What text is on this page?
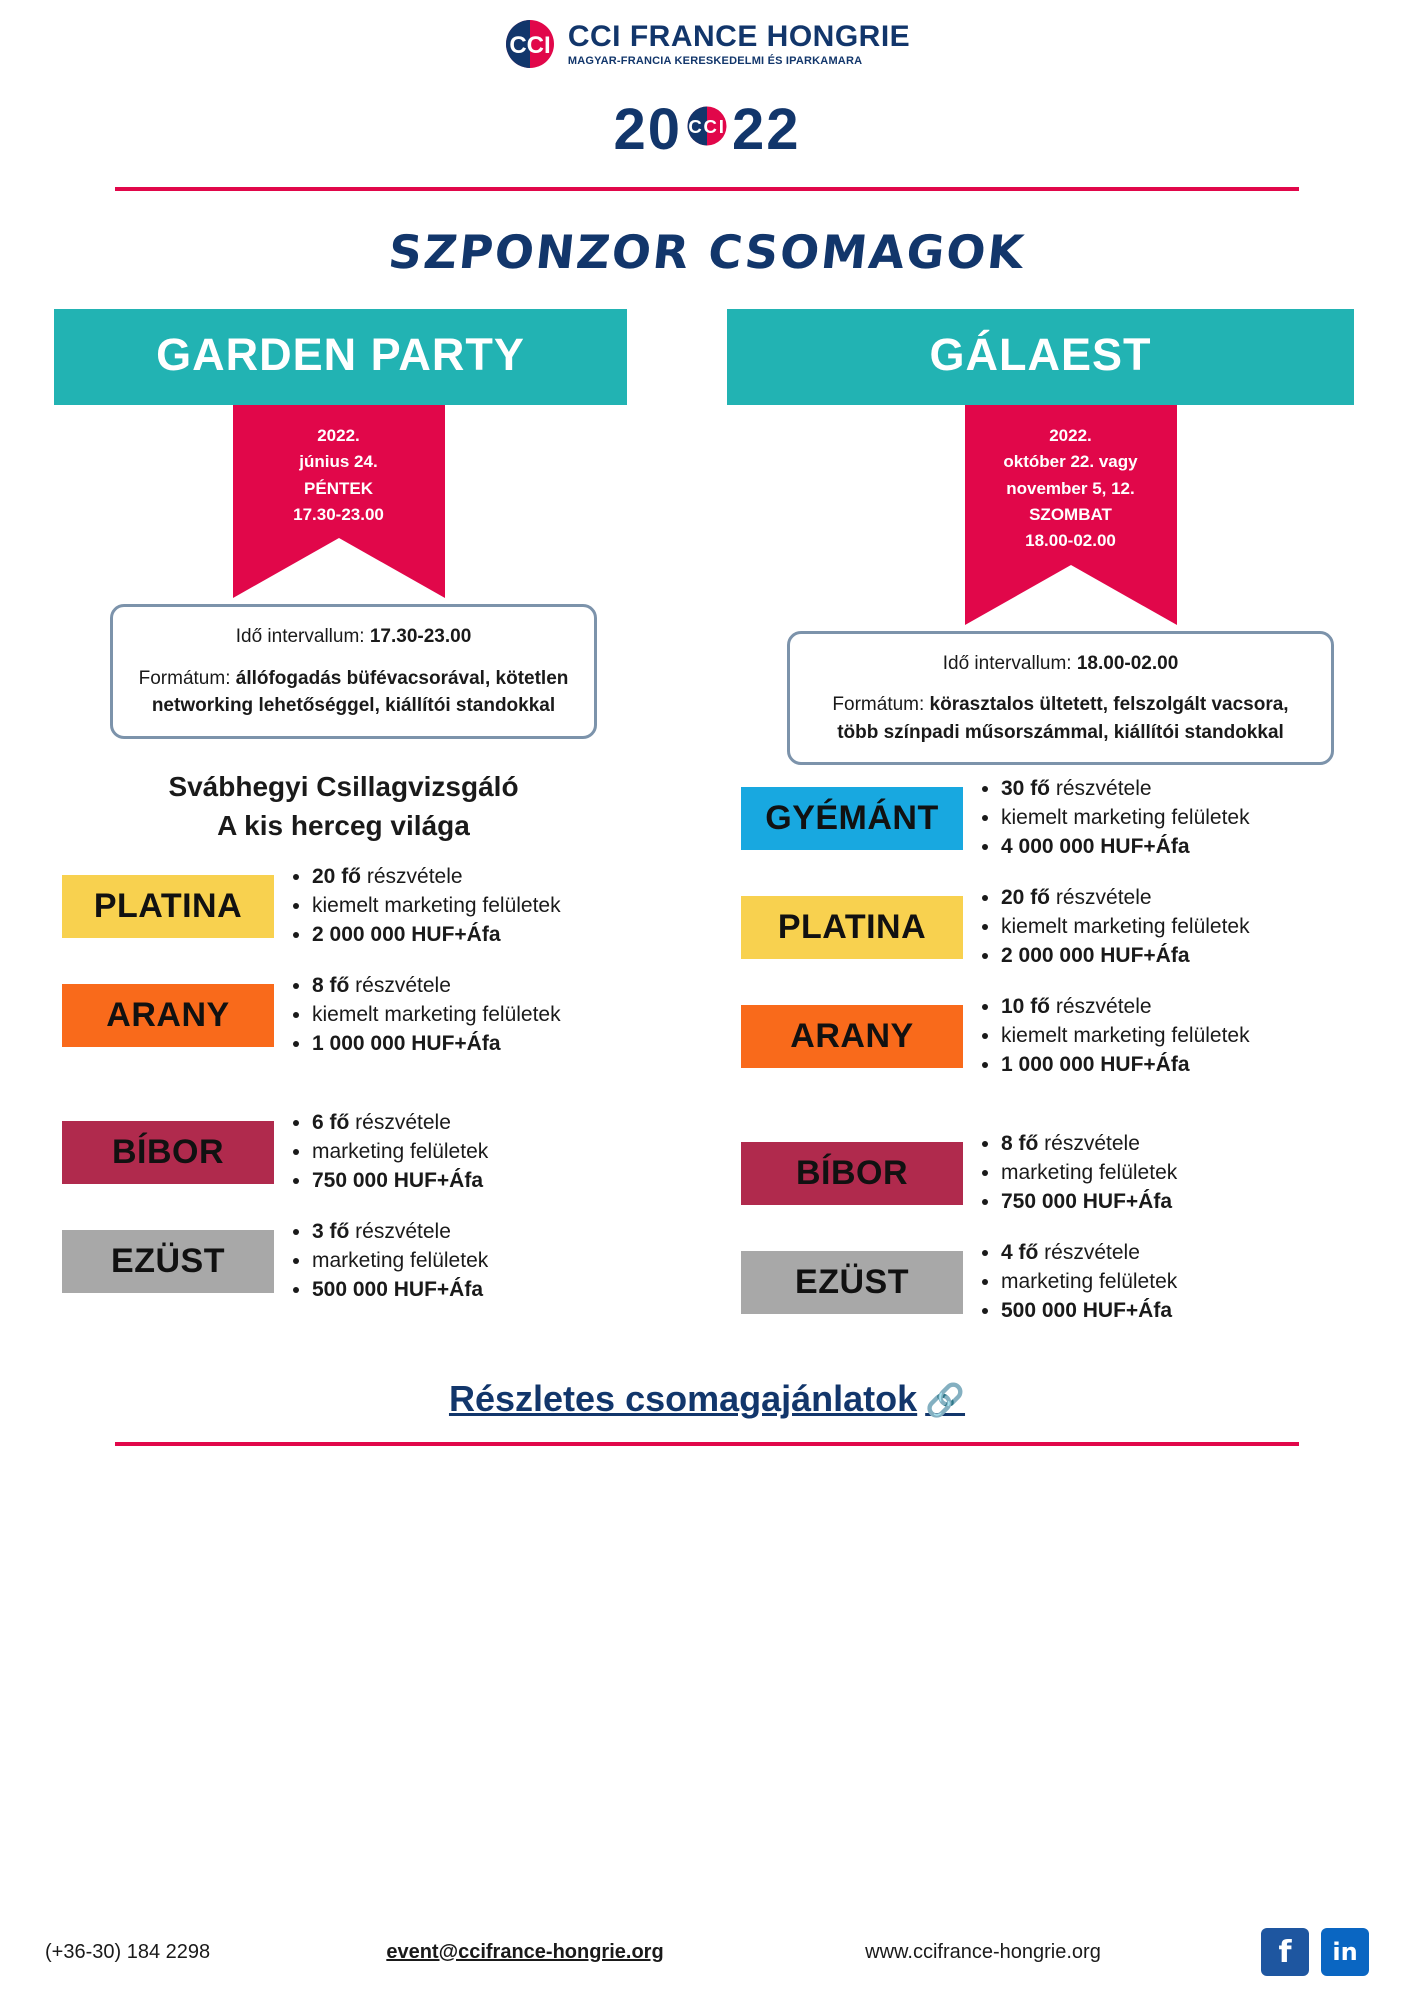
CCI CCI FRANCE HONGRIE
MAGYAR-FRANCIA KERESKEDELMI ÉS IPARKAMARA
20 CCI 22
SZPONZOR CSOMAGOK
GARDEN PARTY
2022.
június 24.
PÉNTEK
17.30-23.00
Idő intervallum: 17.30-23.00
Formátum: állófogadás büfévacsorával, kötetlen networking lehetőséggel, kiállítói standokkal
Svábhegyi Csillagvizsgáló
A kis herceg világa
PLATINA
• 20 fő részvétele
• kiemelt marketing felületek
• 2 000 000 HUF+Áfa
ARANY
• 8 fő részvétele
• kiemelt marketing felületek
• 1 000 000 HUF+Áfa
BÍBOR
• 6 fő részvétele
• marketing felületek
• 750 000 HUF+Áfa
EZÜST
• 3 fő részvétele
• marketing felületek
• 500 000 HUF+Áfa
GÁLAEST
2022.
október 22. vagy
november 5, 12.
SZOMBAT
18.00-02.00
Idő intervallum: 18.00-02.00
Formátum: körasztalos ültetett, felszolgált vacsora, több színpadi műsorszámmal, kiállítói standokkal
GYÉMÁNT
• 30 fő részvétele
• kiemelt marketing felületek
• 4 000 000 HUF+Áfa
PLATINA
• 20 fő részvétele
• kiemelt marketing felületek
• 2 000 000 HUF+Áfa
ARANY
• 10 fő részvétele
• kiemelt marketing felületek
• 1 000 000 HUF+Áfa
BÍBOR
• 8 fő részvétele
• marketing felületek
• 750 000 HUF+Áfa
EZÜST
• 4 fő részvétele
• marketing felületek
• 500 000 HUF+Áfa
Részletes csomagajánlatok 🔗
(+36-30) 184 2298	event@ccifrance-hongrie.org	www.ccifrance-hongrie.org	f	in
